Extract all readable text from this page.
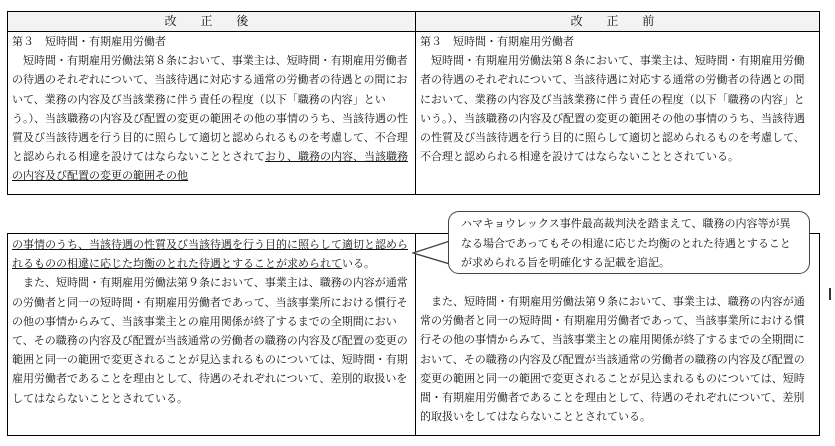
改 正 後

第３　短時間・有期雇用労働者

短時間・有期雇用労働法第８条において、事業主は、短時間・有期雇用労働者の待遇のそれぞれについて、当該待遇に対応する通常の労働者の待遇との間において、業務の内容及び当該業務に伴う責任の程度（以下「職務の内容」という。）、当該職務の内容及び配置の変更の範囲その他の事情のうち、当該待遇の性質及び当該待遇を行う目的に照らして適切と認められるものを考慮して、不合理と認められる相違を設けてはならないこととされており、職務の内容、当該職務の内容及び配置の変更の範囲その他

改 正 前

第３　短時間・有期雇用労働者

短時間・有期雇用労働法第８条において、事業主は、短時間・有期雇用労働者の待遇のそれぞれについて、当該待遇に対応する通常の労働者の待遇との間において、業務の内容及び当該業務に伴う責任の程度（以下「職務の内容」という。）、当該職務の内容及び配置の変更の範囲その他の事情のうち、当該待遇の性質及び当該待遇を行う目的に照らして適切と認められるものを考慮して、不合理と認められる相違を設けてはならないこととされている。

の事情のうち、当該待遇の性質及び当該待遇を行う目的に照らして適切と認められるものの相違に応じた均衡のとれた待遇とすることが求められている。

また、短時間・有期雇用労働法第９条において、事業主は、職務の内容が通常の労働者と同一の短時間・有期雇用労働者であって、当該事業所における慣行その他の事情からみて、当該事業主との雇用関係が終了するまでの全期間において、その職務の内容及び配置が当該通常の労働者の職務の内容及び配置の変更の範囲と同一の範囲で変更されることが見込まれるものについては、短時間・有期雇用労働者であることを理由として、待遇のそれぞれについて、差別的取扱いをしてはならないこととされている。

また、短時間・有期雇用労働法第９条において、事業主は、職務の内容が通常の労働者と同一の短時間・有期雇用労働者であって、当該事業所における慣行その他の事情からみて、当該事業主との雇用関係が終了するまでの全期間において、その職務の内容及び配置が当該通常の労働者の職務の内容及び配置の変更の範囲と同一の範囲で変更されることが見込まれるものについては、短時間・有期雇用労働者であることを理由として、待遇のそれぞれについて、差別的取扱いをしてはならないこととされている。

ハマキョウレックス事件最高裁判決を踏まえて、職務の内容等が異なる場合であってもその相違に応じた均衡のとれた待遇とすることが求められる旨を明確化する記載を追記。
